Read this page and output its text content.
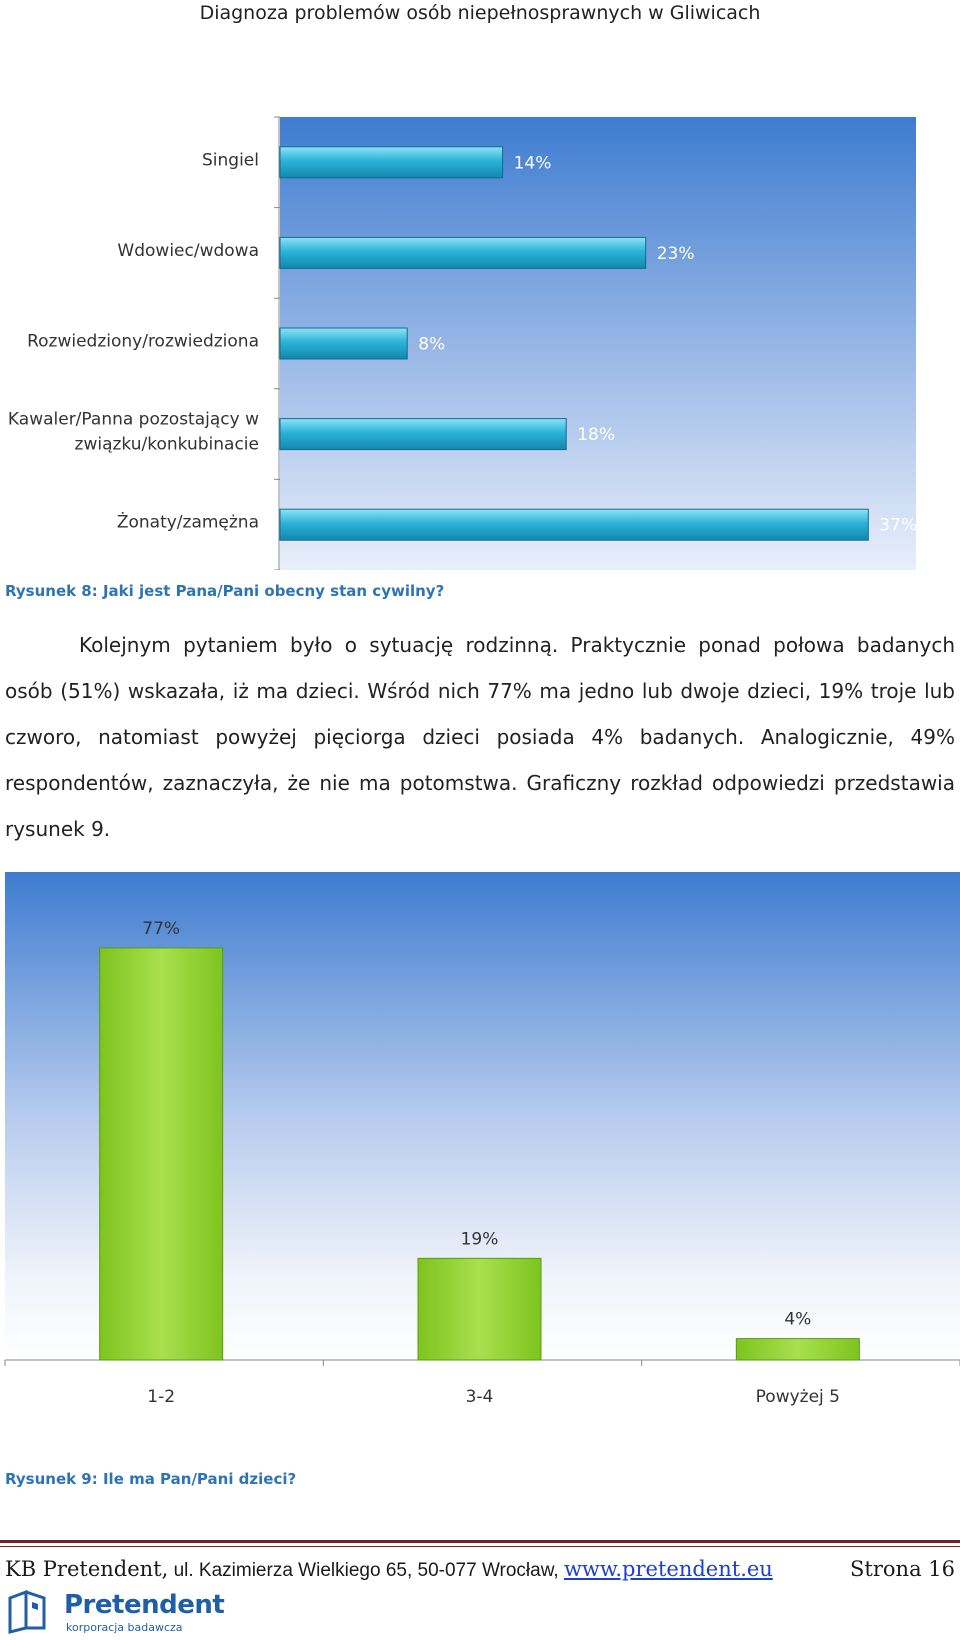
Diagnoza problemów osób niepełnosprawnych w Gliwicach
14%
23%
8%
18%
37%
Singiel
Wdowiec/wdowa
Rozwiedziony/rozwiedziona
Kawaler/Panna pozostający w
związku/konkubinacie
Żonaty/zamężna
Rysunek 8: Jaki jest Pana/Pani obecny stan cywilny?
Kolejnym pytaniem było o sytuację rodzinną. Praktycznie ponad połowa badanych osób (51%) wskazała, iż ma dzieci. Wśród nich 77% ma jedno lub dwoje dzieci, 19% troje lub czworo, natomiast powyżej pięciorga dzieci posiada 4% badanych. Analogicznie, 49% respondentów, zaznaczyła, że nie ma potomstwa. Graficzny rozkład odpowiedzi przedstawia rysunek 9.
77%
19%
4%
1-2	3-4	Powyżej 5
Rysunek 9: Ile ma Pan/Pani dzieci?
KB Pretendent, ul. Kazimierza Wielkiego 65, 50-077 Wrocław, www.pretendent.eu	Strona 16
Pretendent
korporacja badawcza
